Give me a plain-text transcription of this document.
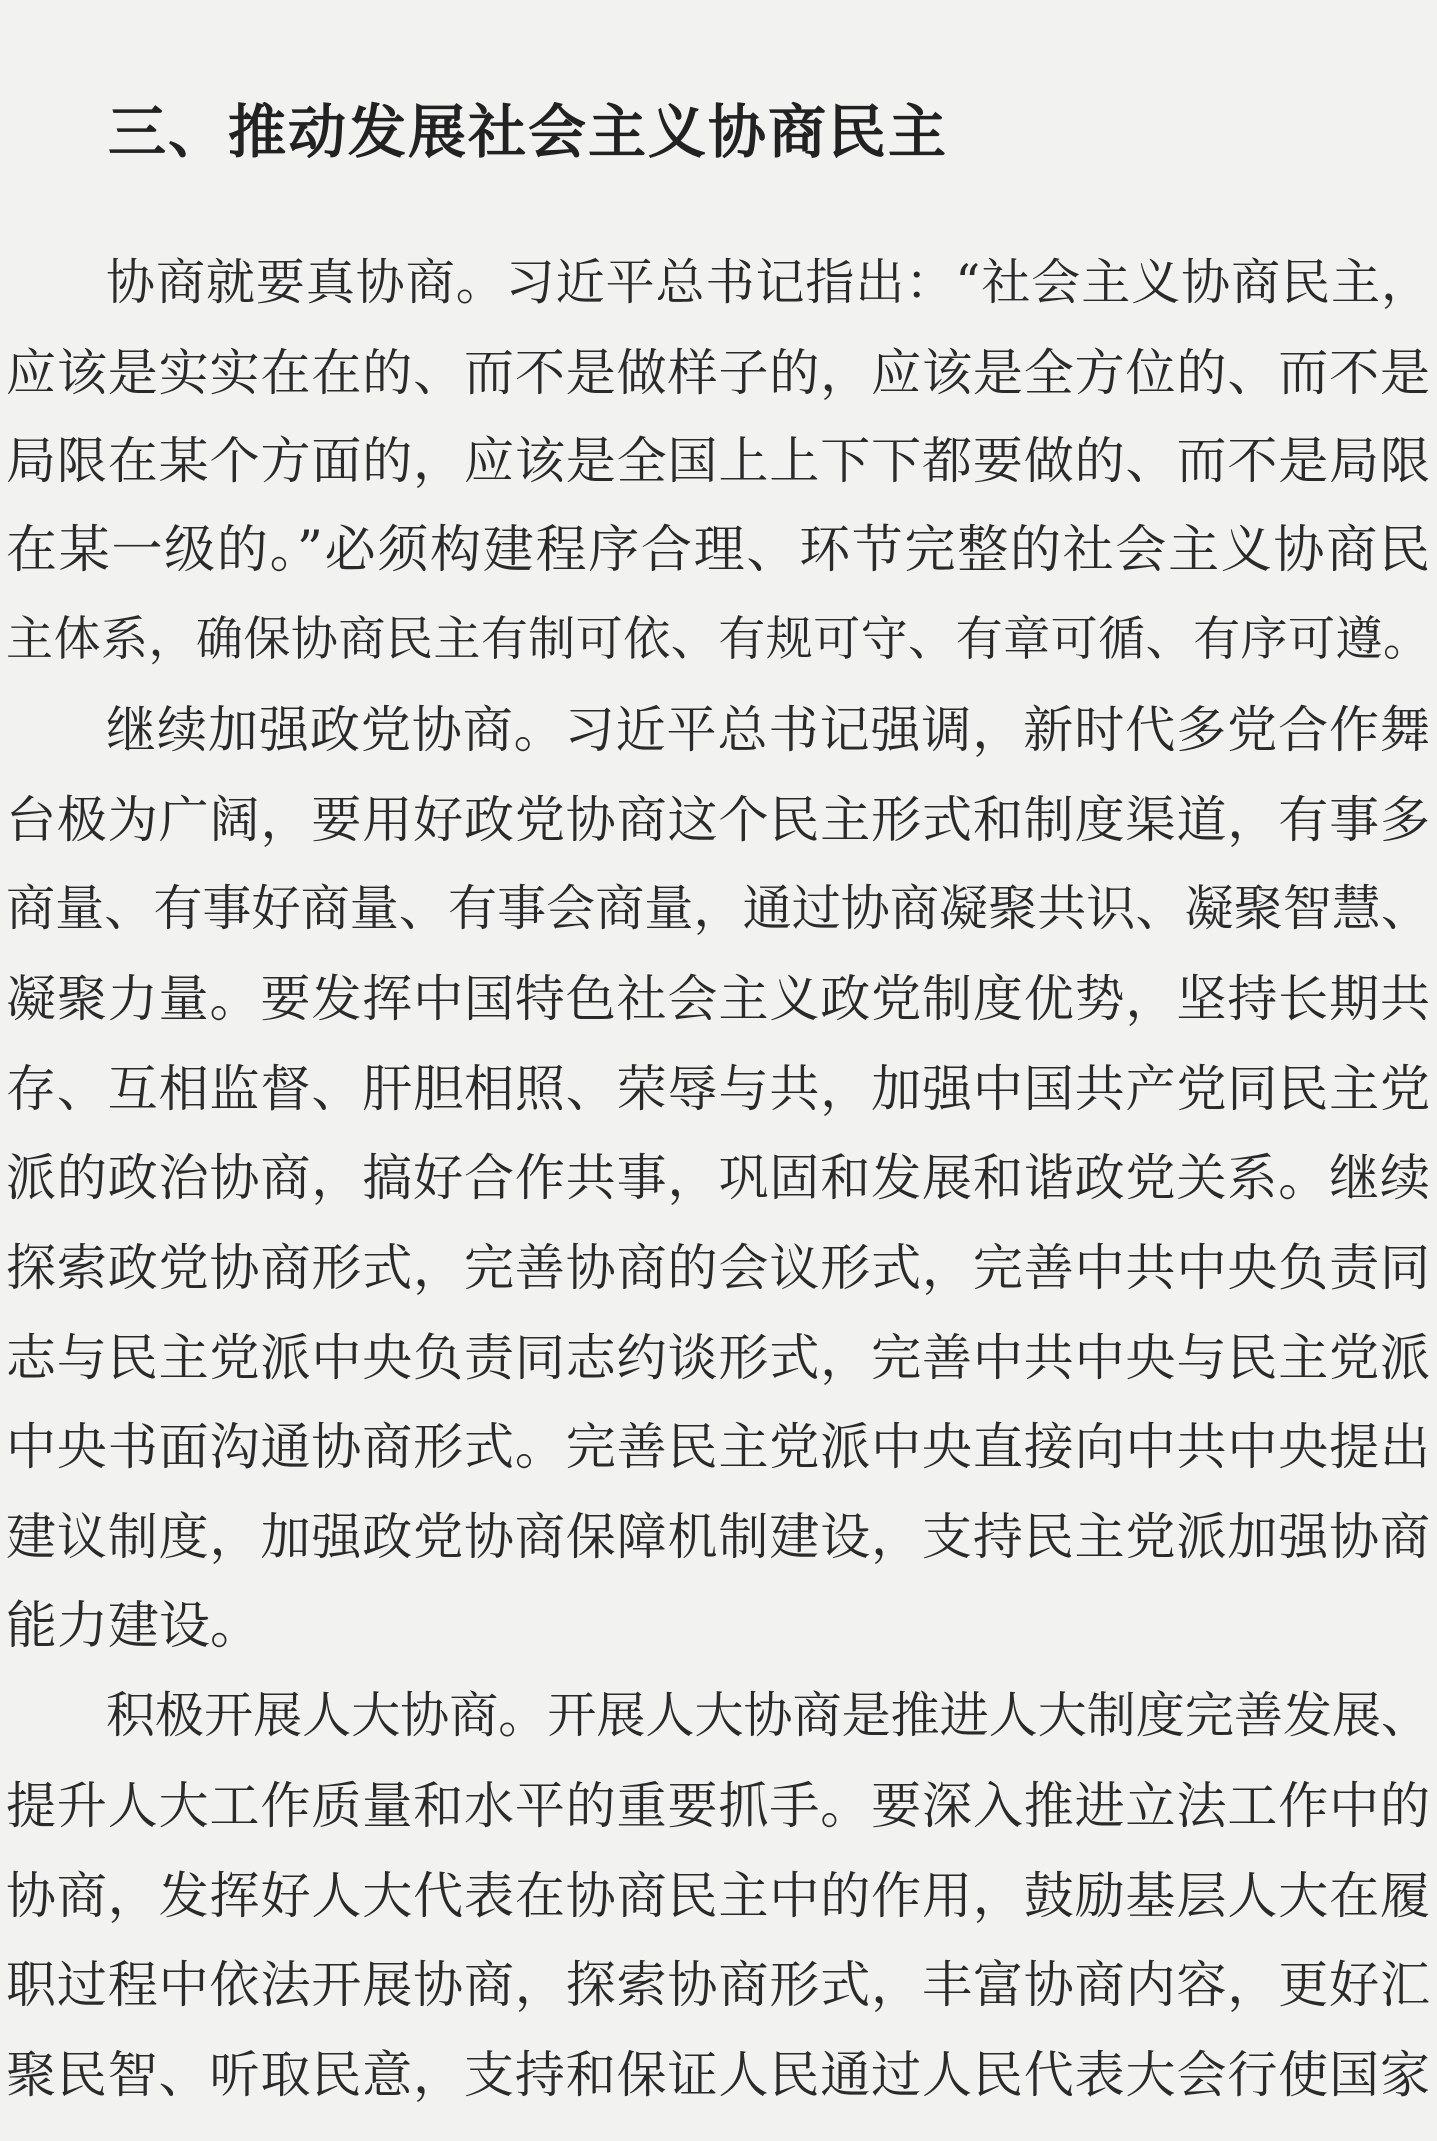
三、推动发展社会主义协商民主

协商就要真协商。习近平总书记指出：“社会主义协商民主，

应该是实实在在的、而不是做样子的，应该是全方位的、而不是

局限在某个方面的，应该是全国上上下下都要做的、而不是局限

在某一级的。”必须构建程序合理、环节完整的社会主义协商民

主体系，确保协商民主有制可依、有规可守、有章可循、有序可遵。

继续加强政党协商。习近平总书记强调，新时代多党合作舞

台极为广阔，要用好政党协商这个民主形式和制度渠道，有事多

商量、有事好商量、有事会商量，通过协商凝聚共识、凝聚智慧、

凝聚力量。要发挥中国特色社会主义政党制度优势，坚持长期共

存、互相监督、肝胆相照、荣辱与共，加强中国共产党同民主党

派的政治协商，搞好合作共事，巩固和发展和谐政党关系。继续

探索政党协商形式，完善协商的会议形式，完善中共中央负责同

志与民主党派中央负责同志约谈形式，完善中共中央与民主党派

中央书面沟通协商形式。完善民主党派中央直接向中共中央提出

建议制度，加强政党协商保障机制建设，支持民主党派加强协商

能力建设。

积极开展人大协商。开展人大协商是推进人大制度完善发展、

提升人大工作质量和水平的重要抓手。要深入推进立法工作中的

协商，发挥好人大代表在协商民主中的作用，鼓励基层人大在履

职过程中依法开展协商，探索协商形式，丰富协商内容，更好汇

聚民智、听取民意，支持和保证人民通过人民代表大会行使国家
